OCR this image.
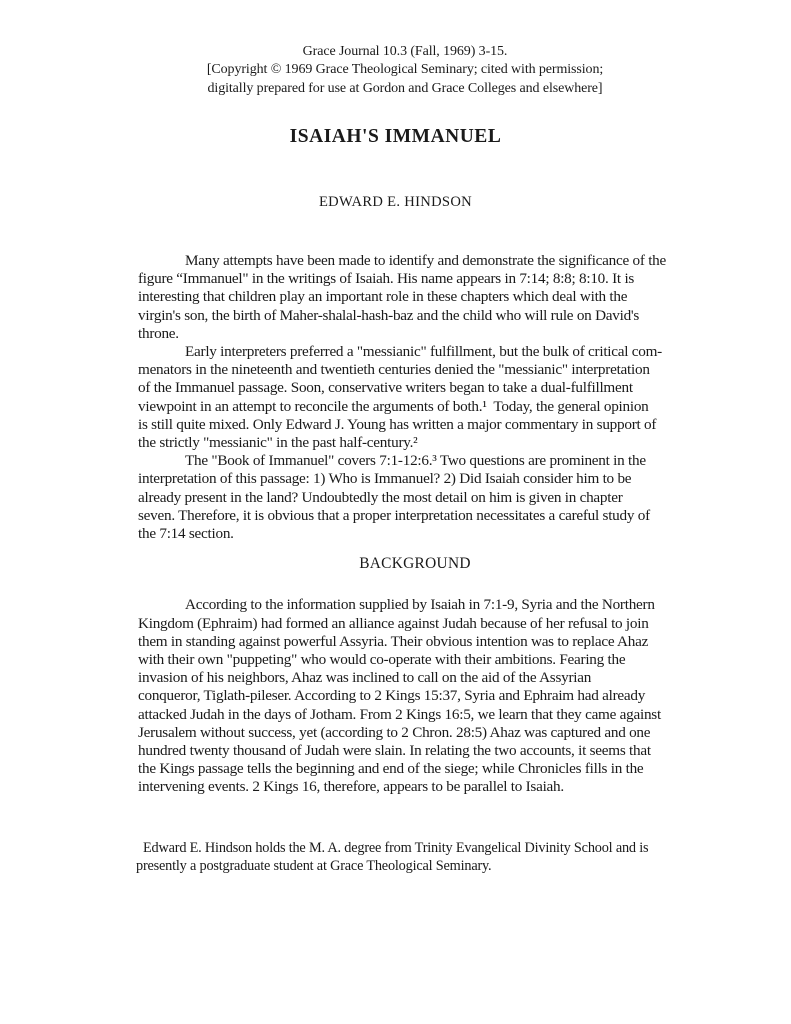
Grace Journal 10.3 (Fall, 1969) 3-15.
[Copyright © 1969 Grace Theological Seminary; cited with permission;
digitally prepared for use at Gordon and Grace Colleges and elsewhere]
ISAIAH'S IMMANUEL
EDWARD E. HINDSON
Many attempts have been made to identify and demonstrate the significance of the
figure “Immanuel" in the writings of Isaiah. His name appears in 7:14; 8:8; 8:10. It is
interesting that children play an important role in these chapters which deal with the
virgin's son, the birth of Maher-shalal-hash-baz and the child who will rule on David's
throne.
Early interpreters preferred a "messianic" fulfillment, but the bulk of critical com-
menators in the nineteenth and twentieth centuries denied the "messianic" interpretation
of the Immanuel passage. Soon, conservative writers began to take a dual-fulfillment
viewpoint in an attempt to reconcile the arguments of both.¹  Today, the general opinion
is still quite mixed. Only Edward J. Young has written a major commentary in support of
the strictly "messianic" in the past half-century.²
The "Book of Immanuel" covers 7:1-12:6.³ Two questions are prominent in the
interpretation of this passage: 1) Who is Immanuel? 2) Did Isaiah consider him to be
already present in the land? Undoubtedly the most detail on him is given in chapter
seven. Therefore, it is obvious that a proper interpretation necessitates a careful study of
the 7:14 section.
BACKGROUND
According to the information supplied by Isaiah in 7:1-9, Syria and the Northern
Kingdom (Ephraim) had formed an alliance against Judah because of her refusal to join
them in standing against powerful Assyria. Their obvious intention was to replace Ahaz
with their own "puppeting" who would co-operate with their ambitions. Fearing the
invasion of his neighbors, Ahaz was inclined to call on the aid of the Assyrian
conqueror, Tiglath-pileser. According to 2 Kings 15:37, Syria and Ephraim had already
attacked Judah in the days of Jotham. From 2 Kings 16:5, we learn that they came against
Jerusalem without success, yet (according to 2 Chron. 28:5) Ahaz was captured and one
hundred twenty thousand of Judah were slain. In relating the two accounts, it seems that
the Kings passage tells the beginning and end of the siege; while Chronicles fills in the
intervening events. 2 Kings 16, therefore, appears to be parallel to Isaiah.
Edward E. Hindson holds the M. A. degree from Trinity Evangelical Divinity School and is
presently a postgraduate student at Grace Theological Seminary.
